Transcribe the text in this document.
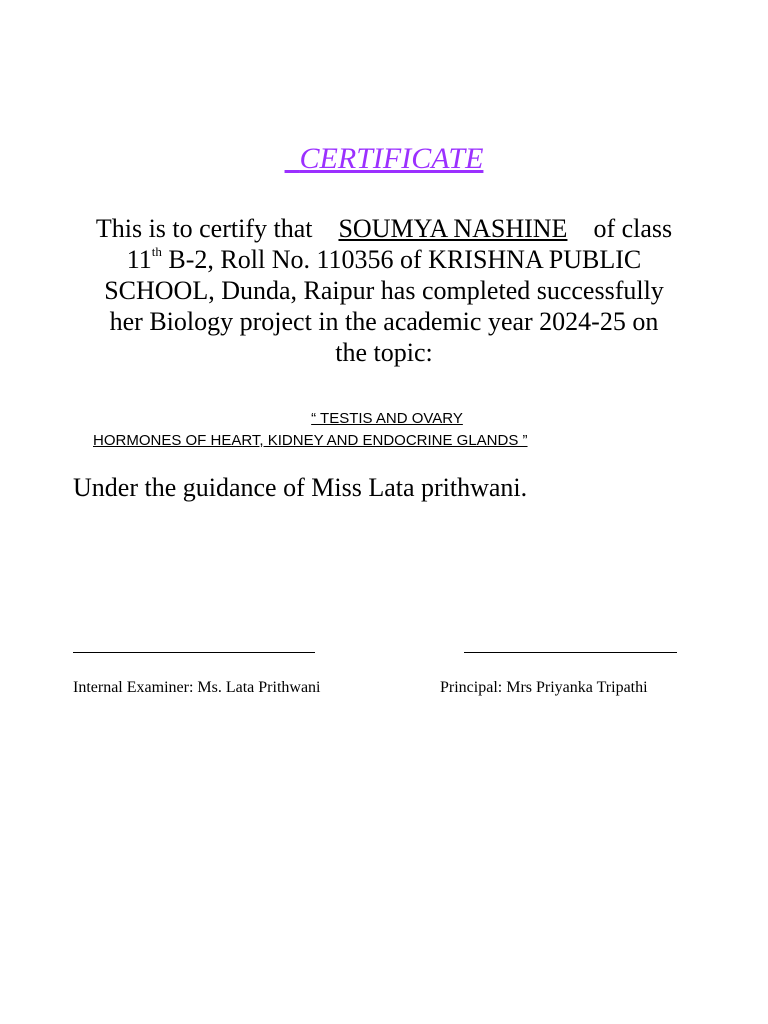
CERTIFICATE
This is to certify that SOUMYA NASHINE of class
11th B-2, Roll No. 110356 of KRISHNA PUBLIC
SCHOOL, Dunda, Raipur has completed successfully
her Biology project in the academic year 2024-25 on
the topic:
“ TESTIS AND OVARY
HORMONES OF HEART, KIDNEY AND ENDOCRINE GLANDS ”
Under the guidance of Miss Lata prithwani.
Internal Examiner: Ms. Lata Prithwani	Principal: Mrs Priyanka Tripathi
